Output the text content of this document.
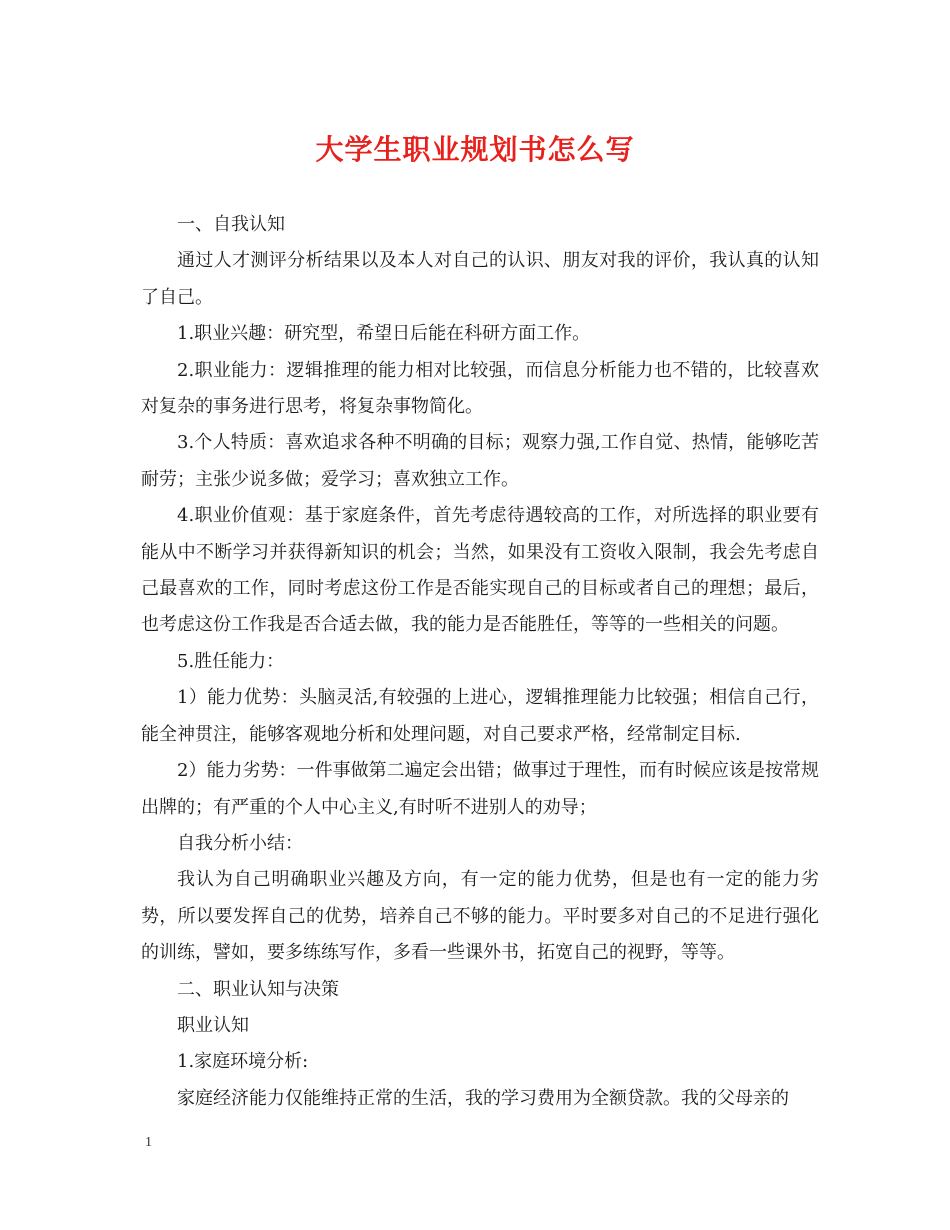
大学生职业规划书怎么写

一、自我认知

通过人才测评分析结果以及本人对自己的认识、朋友对我的评价，我认真的认知了自己。

1.职业兴趣：研究型，希望日后能在科研方面工作。

2.职业能力：逻辑推理的能力相对比较强，而信息分析能力也不错的，比较喜欢对复杂的事务进行思考，将复杂事物简化。

3.个人特质：喜欢追求各种不明确的目标；观察力强,工作自觉、热情，能够吃苦耐劳；主张少说多做；爱学习；喜欢独立工作。

4.职业价值观：基于家庭条件，首先考虑待遇较高的工作，对所选择的职业要有能从中不断学习并获得新知识的机会；当然，如果没有工资收入限制，我会先考虑自己最喜欢的工作，同时考虑这份工作是否能实现自己的目标或者自己的理想；最后，也考虑这份工作我是否合适去做，我的能力是否能胜任，等等的一些相关的问题。

5.胜任能力：

1）能力优势：头脑灵活,有较强的上进心，逻辑推理能力比较强；相信自己行，能全神贯注，能够客观地分析和处理问题，对自己要求严格，经常制定目标.

2）能力劣势：一件事做第二遍定会出错；做事过于理性，而有时候应该是按常规出牌的；有严重的个人中心主义,有时听不进别人的劝导；

自我分析小结：

我认为自己明确职业兴趣及方向，有一定的能力优势，但是也有一定的能力劣势，所以要发挥自己的优势，培养自己不够的能力。平时要多对自己的不足进行强化的训练，譬如，要多练练写作，多看一些课外书，拓宽自己的视野，等等。

二、职业认知与决策

职业认知

1.家庭环境分析:

家庭经济能力仅能维持正常的生活，我的学习费用为全额贷款。我的父母亲的

1
